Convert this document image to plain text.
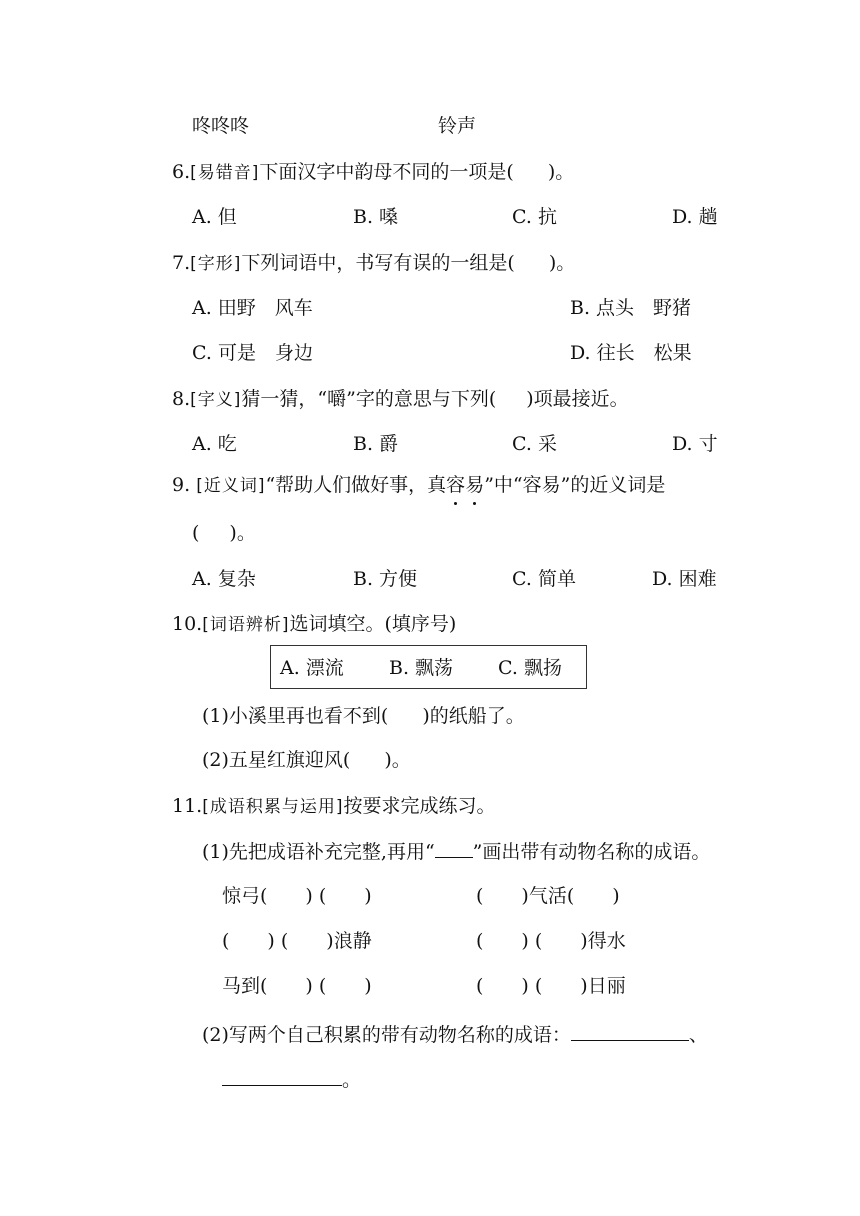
咚咚咚	铃声
6.[易错音]下面汉字中韵母不同的一项是( )。
A. 但	B. 嗓	C. 抗	D. 趟
7.[字形]下列词语中，书写有误的一组是( )。
A. 田野　风车	B. 点头　野猪
C. 可是　身边	D. 往长　松果
8.[字义]猜一猜，“嚼”字的意思与下列( )项最接近。
A. 吃	B. 爵	C. 采	D. 寸
9. [近义词]“帮助人们做好事，真容易”中“容易”的近义词是
( )。
A. 复杂	B. 方便	C. 简单	D. 困难
10.[词语辨析]选词填空。(填序号)
A. 漂流 B. 飘荡 C. 飘扬
(1)小溪里再也看不到( )的纸船了。
(2)五星红旗迎风( )。
11.[成语积累与运用]按要求完成练习。
(1)先把成语补充完整,再用“ ”画出带有动物名称的成语。
惊弓(　　) (　　)	(　　)气活(　　)
(　　) (　　)浪静	(　　) (　　)得水
马到(　　) (　　)	(　　) (　　)日丽
(2)写两个自己积累的带有动物名称的成语：	、
。
